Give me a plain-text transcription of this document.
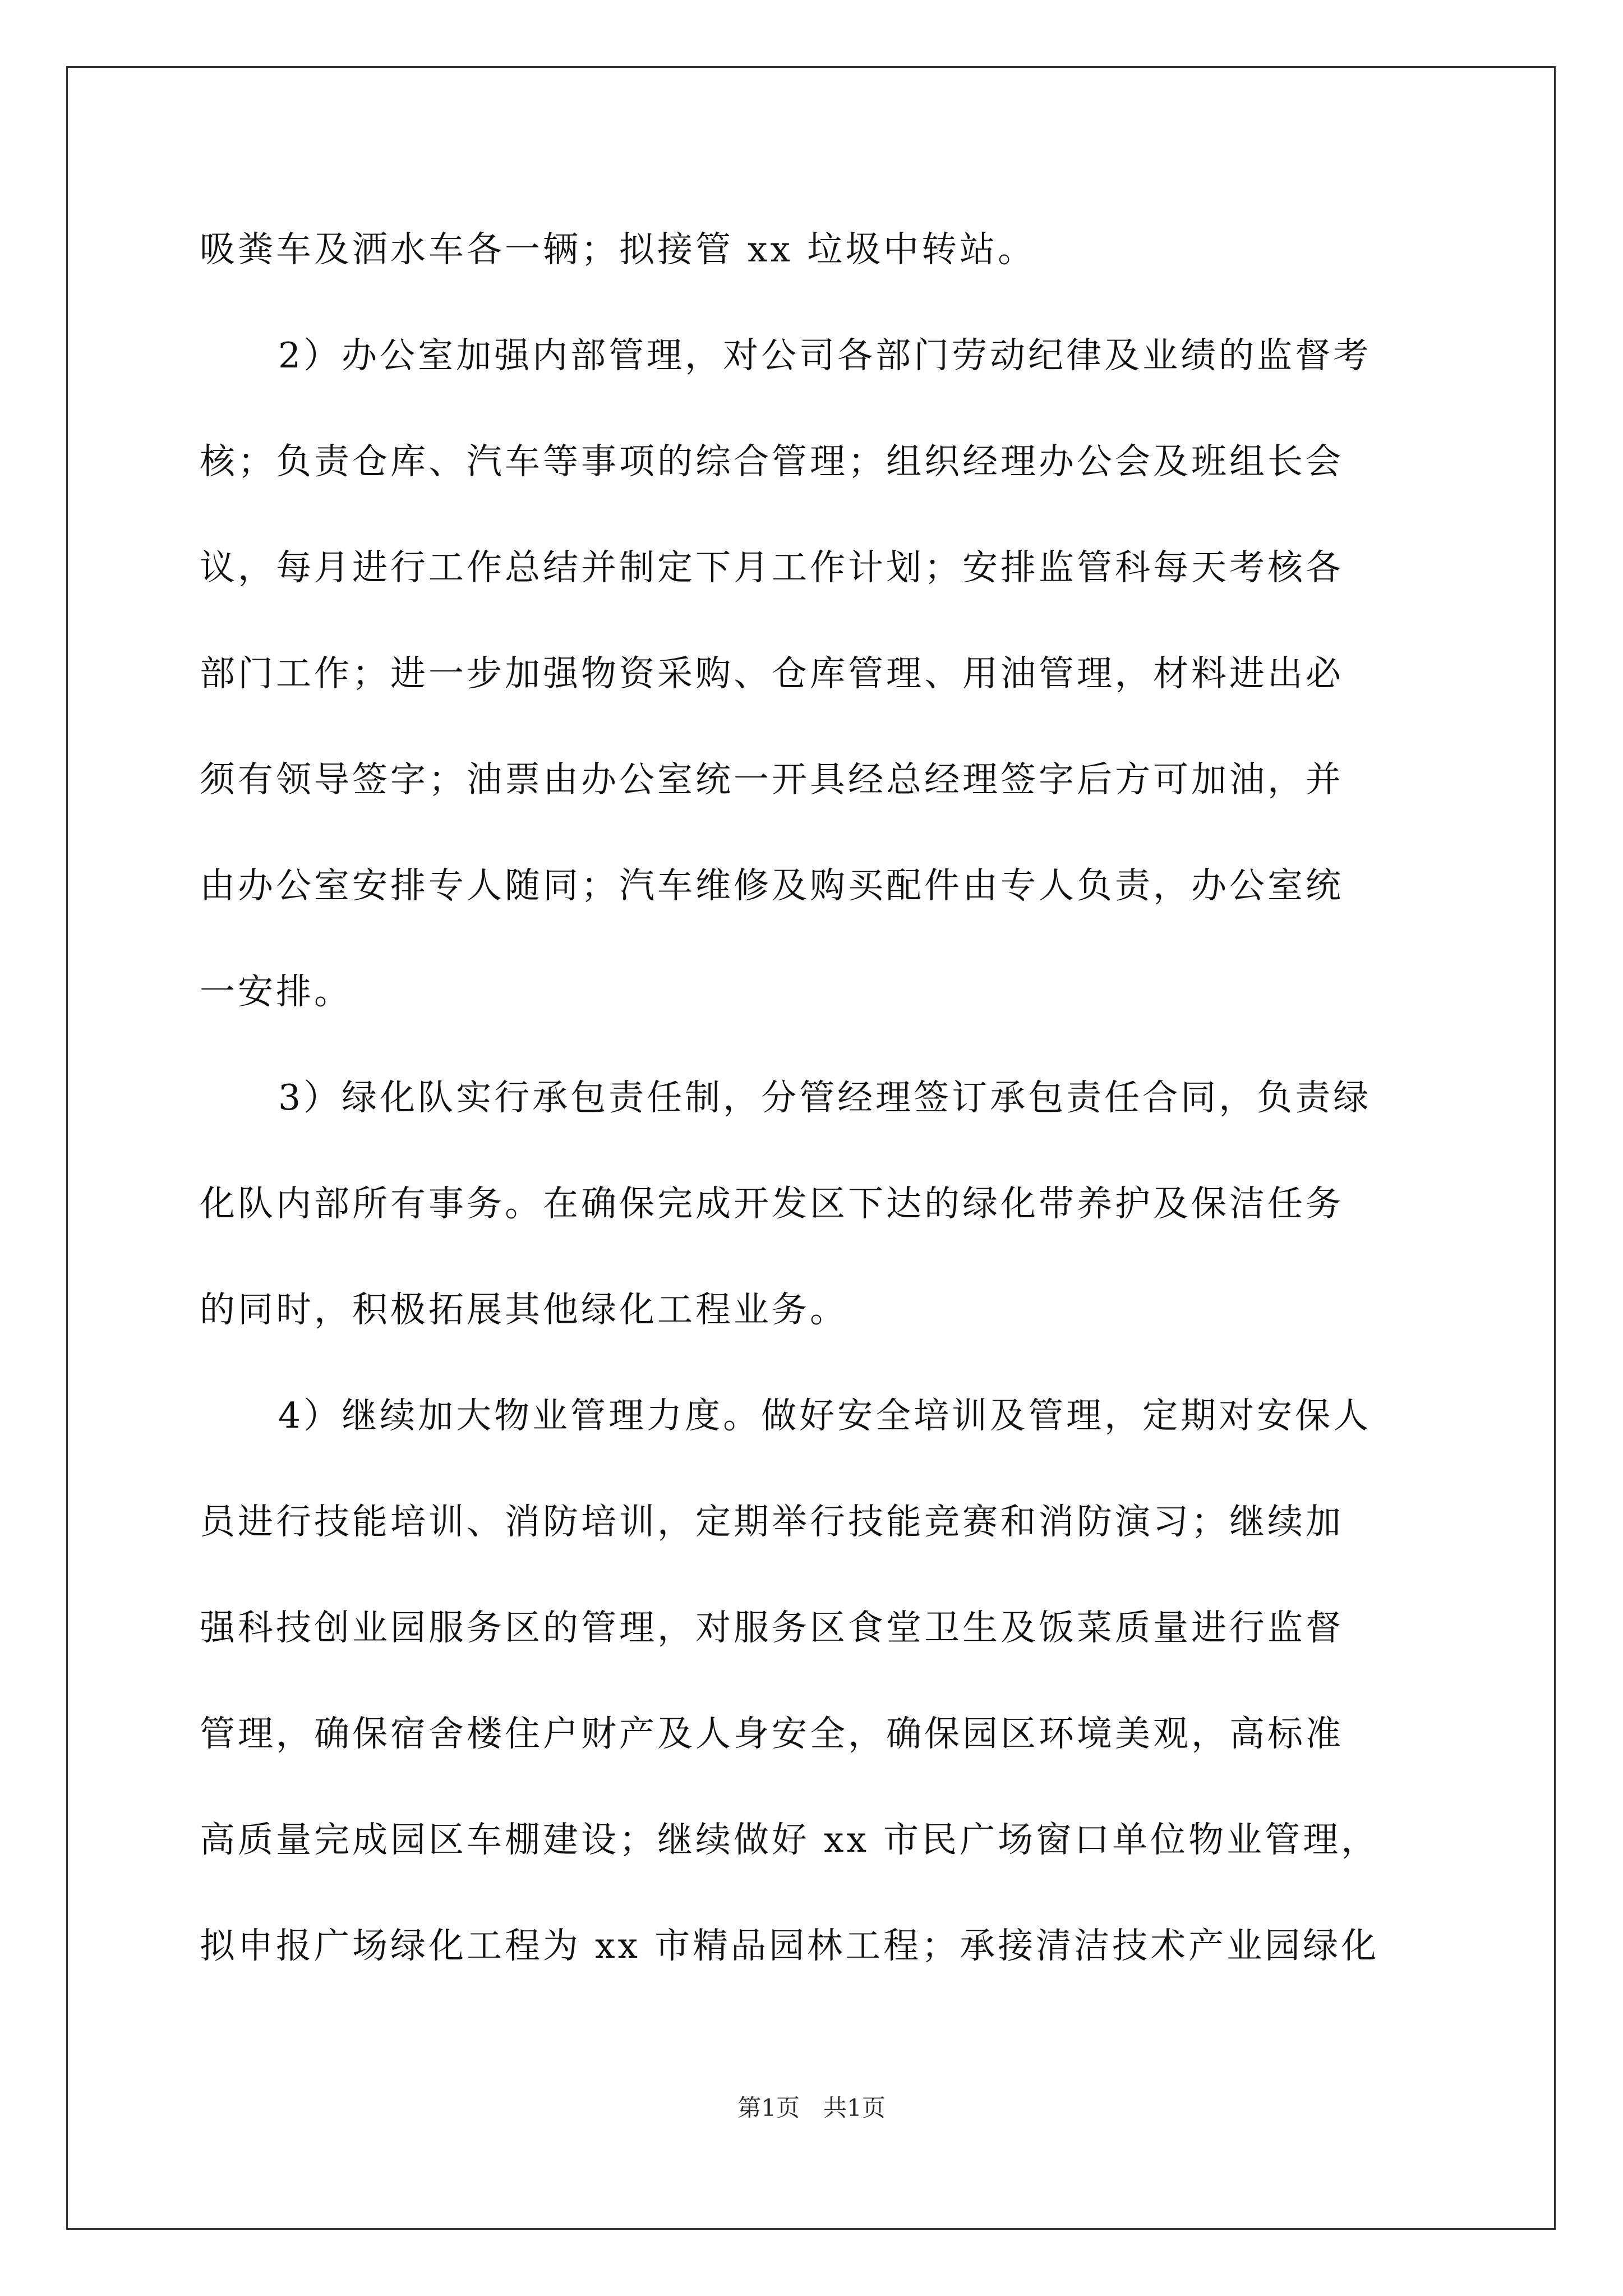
吸粪车及洒水车各一辆；拟接管 xx 垃圾中转站。
2）办公室加强内部管理，对公司各部门劳动纪律及业绩的监督考
核；负责仓库、汽车等事项的综合管理；组织经理办公会及班组长会
议，每月进行工作总结并制定下月工作计划；安排监管科每天考核各
部门工作；进一步加强物资采购、仓库管理、用油管理，材料进出必
须有领导签字；油票由办公室统一开具经总经理签字后方可加油，并
由办公室安排专人随同；汽车维修及购买配件由专人负责，办公室统
一安排。
3）绿化队实行承包责任制，分管经理签订承包责任合同，负责绿
化队内部所有事务。在确保完成开发区下达的绿化带养护及保洁任务
的同时，积极拓展其他绿化工程业务。
4）继续加大物业管理力度。做好安全培训及管理，定期对安保人
员进行技能培训、消防培训，定期举行技能竞赛和消防演习；继续加
强科技创业园服务区的管理，对服务区食堂卫生及饭菜质量进行监督
管理，确保宿舍楼住户财产及人身安全，确保园区环境美观，高标准
高质量完成园区车棚建设；继续做好 xx 市民广场窗口单位物业管理，
拟申报广场绿化工程为 xx 市精品园林工程；承接清洁技术产业园绿化
第1页　共1页
